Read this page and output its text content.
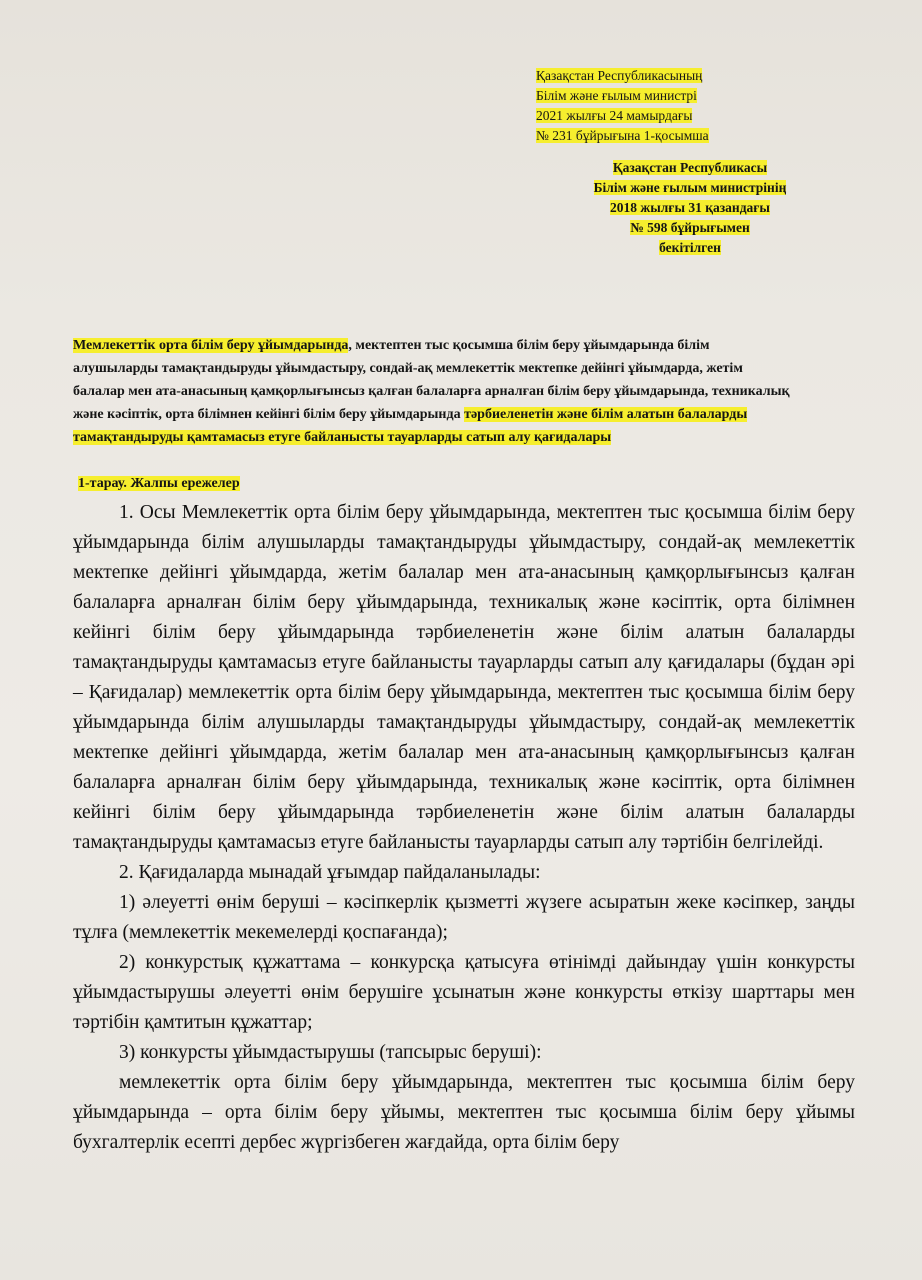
Қазақстан Республикасының
Білім және ғылым министрі
2021 жылғы 24 мамырдағы
№ 231 бұйрығына 1-қосымша
Қазақстан Республикасы
Білім және ғылым министрінің
2018 жылғы 31 қазандағы
№ 598 бұйрығымен
бекітілген
Мемлекеттік орта білім беру ұйымдарында, мектептен тыс қосымша білім беру ұйымдарында білім алушыларды тамақтандыруды ұйымдастыру, сондай-ақ мемлекеттік мектепке дейінгі ұйымдарда, жетім балалар мен ата-анасының қамқорлығынсыз қалған балаларға арналған білім беру ұйымдарында, техникалық және кәсіптік, орта білімнен кейінгі білім беру ұйымдарында тәрбиеленетін және білім алатын балаларды тамақтандыруды қамтамасыз етуге байланысты тауарларды сатып алу қағидалары
1-тарау. Жалпы ережелер

1. Осы Мемлекеттік орта білім беру ұйымдарында, мектептен тыс қосымша білім беру ұйымдарында білім алушыларды тамақтандыруды ұйымдастыру, сондай-ақ мемлекеттік мектепке дейінгі ұйымдарда, жетім балалар мен ата-анасының қамқорлығынсыз қалған балаларға арналған білім беру ұйымдарында, техникалық және кәсіптік, орта білімнен кейінгі білім беру ұйымдарында тәрбиеленетін және білім алатын балаларды тамақтандыруды қамтамасыз етуге байланысты тауарларды сатып алу қағидалары (бұдан әрі – Қағидалар) мемлекеттік орта білім беру ұйымдарында, мектептен тыс қосымша білім беру ұйымдарында білім алушыларды тамақтандыруды ұйымдастыру, сондай-ақ мемлекеттік мектепке дейінгі ұйымдарда, жетім балалар мен ата-анасының қамқорлығынсыз қалған балаларға арналған білім беру ұйымдарында, техникалық және кәсіптік, орта білімнен кейінгі білім беру ұйымдарында тәрбиеленетін және білім алатын балаларды тамақтандыруды қамтамасыз етуге байланысты тауарларды сатып алу тәртібін белгілейді.

2. Қағидаларда мынадай ұғымдар пайдаланылады:

1) әлеуетті өнім беруші – кәсіпкерлік қызметті жүзеге асыратын жеке кәсіпкер, заңды тұлға (мемлекеттік мекемелерді қоспағанда);

2) конкурстық құжаттама – конкурсқа қатысуға өтінімді дайындау үшін конкурсты ұйымдастырушы әлеуетті өнім берушіге ұсынатын және конкурсты өткізу шарттары мен тәртібін қамтитын құжаттар;

3) конкурсты ұйымдастырушы (тапсырыс беруші):

мемлекеттік орта білім беру ұйымдарында, мектептен тыс қосымша білім беру ұйымдарында – орта білім беру ұйымы, мектептен тыс қосымша білім беру ұйымы бухгалтерлік есепті дербес жүргізбеген жағдайда, орта білім беру
